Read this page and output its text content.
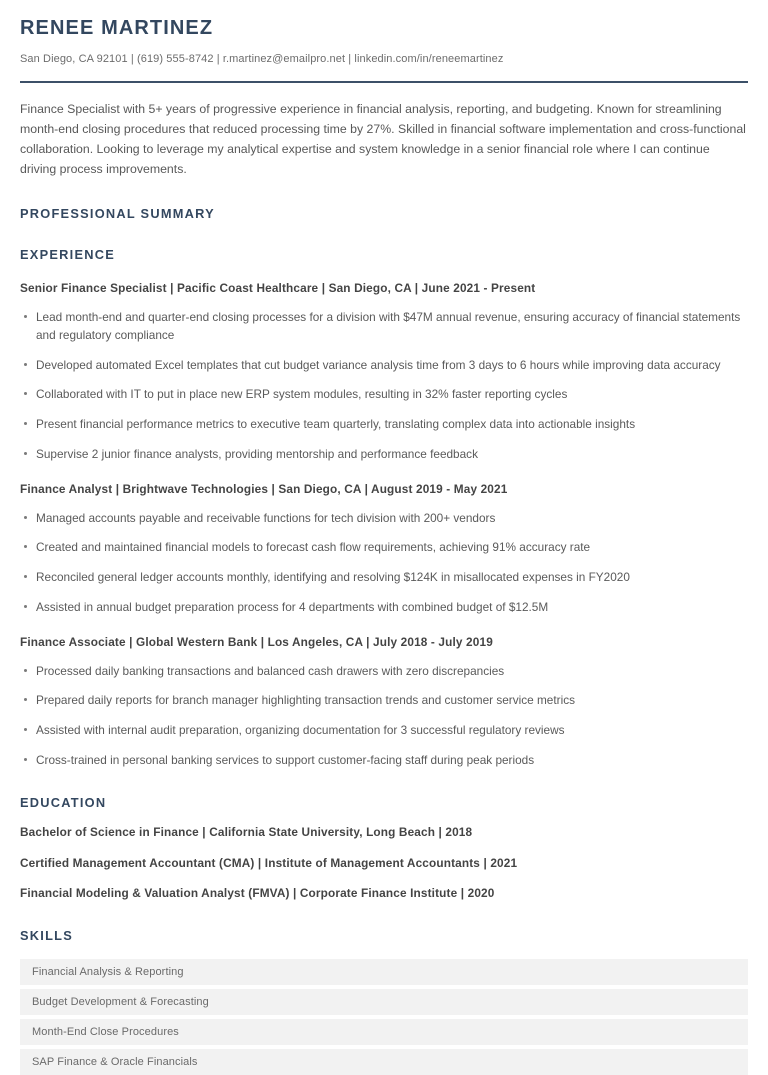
RENEE MARTINEZ
San Diego, CA 92101 | (619) 555-8742 | r.martinez@emailpro.net | linkedin.com/in/reneemartinez
Finance Specialist with 5+ years of progressive experience in financial analysis, reporting, and budgeting. Known for streamlining month-end closing procedures that reduced processing time by 27%. Skilled in financial software implementation and cross-functional collaboration. Looking to leverage my analytical expertise and system knowledge in a senior financial role where I can continue driving process improvements.
PROFESSIONAL SUMMARY
EXPERIENCE
Senior Finance Specialist | Pacific Coast Healthcare | San Diego, CA | June 2021 - Present
Lead month-end and quarter-end closing processes for a division with $47M annual revenue, ensuring accuracy of financial statements and regulatory compliance
Developed automated Excel templates that cut budget variance analysis time from 3 days to 6 hours while improving data accuracy
Collaborated with IT to put in place new ERP system modules, resulting in 32% faster reporting cycles
Present financial performance metrics to executive team quarterly, translating complex data into actionable insights
Supervise 2 junior finance analysts, providing mentorship and performance feedback
Finance Analyst | Brightwave Technologies | San Diego, CA | August 2019 - May 2021
Managed accounts payable and receivable functions for tech division with 200+ vendors
Created and maintained financial models to forecast cash flow requirements, achieving 91% accuracy rate
Reconciled general ledger accounts monthly, identifying and resolving $124K in misallocated expenses in FY2020
Assisted in annual budget preparation process for 4 departments with combined budget of $12.5M
Finance Associate | Global Western Bank | Los Angeles, CA | July 2018 - July 2019
Processed daily banking transactions and balanced cash drawers with zero discrepancies
Prepared daily reports for branch manager highlighting transaction trends and customer service metrics
Assisted with internal audit preparation, organizing documentation for 3 successful regulatory reviews
Cross-trained in personal banking services to support customer-facing staff during peak periods
EDUCATION
Bachelor of Science in Finance | California State University, Long Beach | 2018
Certified Management Accountant (CMA) | Institute of Management Accountants | 2021
Financial Modeling & Valuation Analyst (FMVA) | Corporate Finance Institute | 2020
SKILLS
Financial Analysis & Reporting
Budget Development & Forecasting
Month-End Close Procedures
SAP Finance & Oracle Financials
